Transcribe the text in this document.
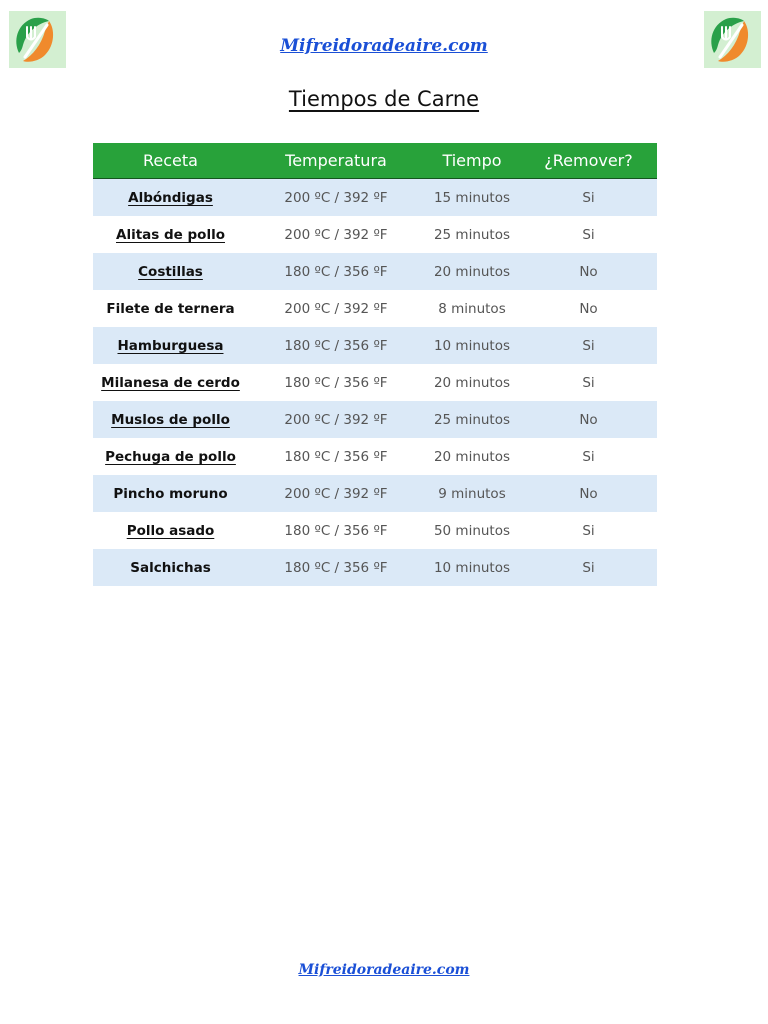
Mifreidoradeaire.com
Tiempos de Carne
Receta	Temperatura	Tiempo	¿Remover?
Albóndigas	200 ºC / 392 ºF	15 minutos	Si
Alitas de pollo	200 ºC / 392 ºF	25 minutos	Si
Costillas	180 ºC / 356 ºF	20 minutos	No
Filete de ternera	200 ºC / 392 ºF	8 minutos	No
Hamburguesa	180 ºC / 356 ºF	10 minutos	Si
Milanesa de cerdo	180 ºC / 356 ºF	20 minutos	Si
Muslos de pollo	200 ºC / 392 ºF	25 minutos	No
Pechuga de pollo	180 ºC / 356 ºF	20 minutos	Si
Pincho moruno	200 ºC / 392 ºF	9 minutos	No
Pollo asado	180 ºC / 356 ºF	50 minutos	Si
Salchichas	180 ºC / 356 ºF	10 minutos	Si
Mifreidoradeaire.com
